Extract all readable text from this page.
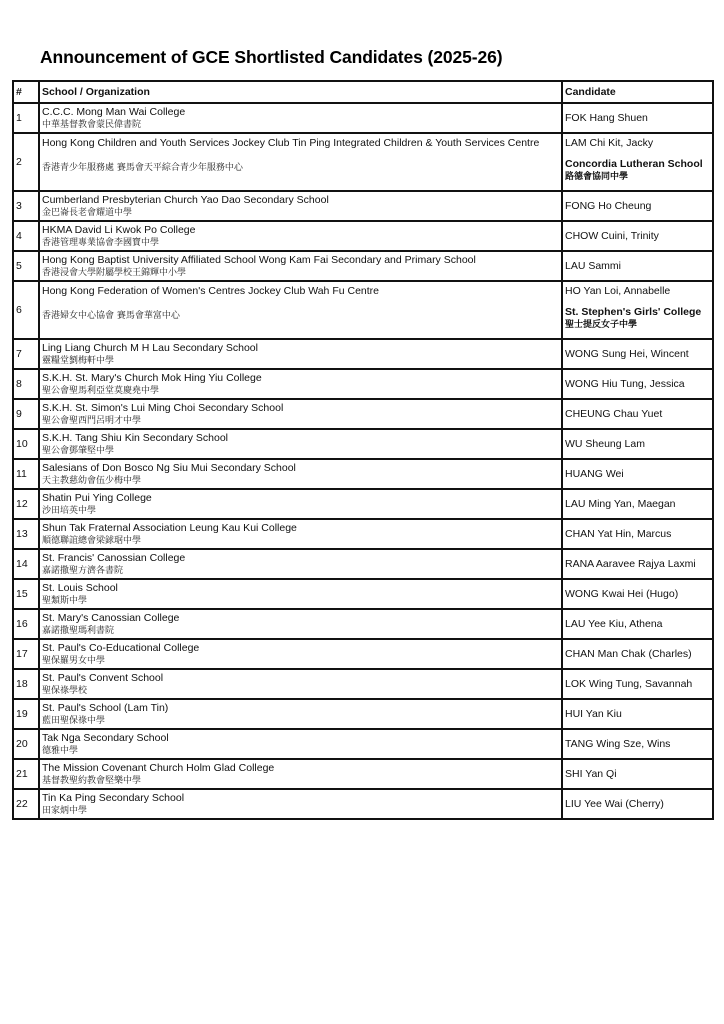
Announcement of GCE Shortlisted Candidates (2025-26)
#	School / Organization	Candidate
1	C.C.C. Mong Man Wai College
中華基督教會蒙民偉書院	FOK Hang Shuen

2	Hong Kong Children and Youth Services Jockey Club Tin Ping Integrated Children & Youth Services Centre
香港青少年服務處 賽馬會天平綜合青少年服務中心	LAM Chi Kit, Jacky
Concordia Lutheran School
路德會協同中學

3	Cumberland Presbyterian Church Yao Dao Secondary School
金巴崙長老會耀道中學	FONG Ho Cheung

4	HKMA David Li Kwok Po College
香港管理專業協會李國寶中學	CHOW Cuini, Trinity

5	Hong Kong Baptist University Affiliated School Wong Kam Fai Secondary and Primary School
香港浸會大學附屬學校王錦輝中小學	LAU Sammi

6	Hong Kong Federation of Women's Centres Jockey Club Wah Fu Centre
香港婦女中心協會 賽馬會華富中心	HO Yan Loi, Annabelle
St. Stephen's Girls' College
聖士提反女子中學

7	Ling Liang Church M H Lau Secondary School
靈糧堂劉梅軒中學	WONG Sung Hei, Wincent

8	S.K.H. St. Mary's Church Mok Hing Yiu College
聖公會聖馬利亞堂莫慶堯中學	WONG Hiu Tung, Jessica

9	S.K.H. St. Simon's Lui Ming Choi Secondary School
聖公會聖西門呂明才中學	CHEUNG Chau Yuet

10	S.K.H. Tang Shiu Kin Secondary School
聖公會鄧肇堅中學	WU Sheung Lam

11	Salesians of Don Bosco Ng Siu Mui Secondary School
天主教慈幼會伍少梅中學	HUANG Wei

12	Shatin Pui Ying College
沙田培英中學	LAU Ming Yan, Maegan

13	Shun Tak Fraternal Association Leung Kau Kui College
順德聯誼總會梁銶琚中學	CHAN Yat Hin, Marcus

14	St. Francis' Canossian College
嘉諾撒聖方濟各書院	RANA Aaravee Rajya Laxmi

15	St. Louis School
聖類斯中學	WONG Kwai Hei (Hugo)

16	St. Mary's Canossian College
嘉諾撒聖瑪利書院	LAU Yee Kiu, Athena

17	St. Paul's Co-Educational College
聖保羅男女中學	CHAN Man Chak (Charles)

18	St. Paul's Convent School
聖保祿學校	LOK Wing Tung, Savannah

19	St. Paul's School (Lam Tin)
藍田聖保祿中學	HUI Yan Kiu

20	Tak Nga Secondary School
德雅中學	TANG Wing Sze, Wins

21	The Mission Covenant Church Holm Glad College
基督教聖約教會堅樂中學	SHI Yan Qi

22	Tin Ka Ping Secondary School
田家炳中學	LIU Yee Wai (Cherry)
